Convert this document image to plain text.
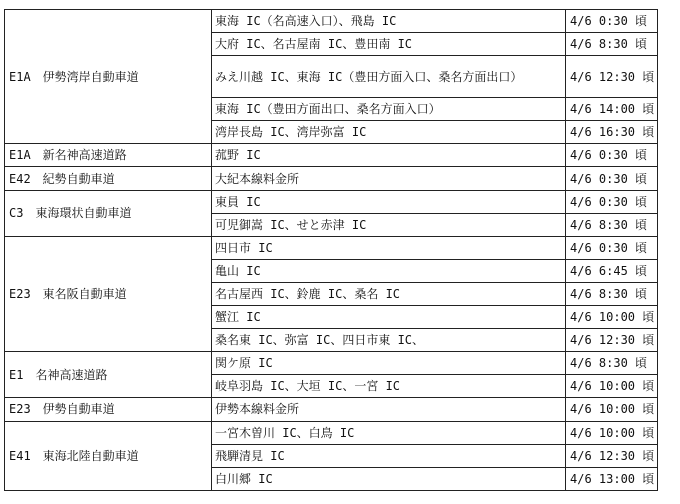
E1A　伊勢湾岸自動車道	東海 IC（名高速入口）、飛島 IC	4/6 0:30 頃
	大府 IC、名古屋南 IC、豊田南 IC	4/6 8:30 頃
	みえ川越 IC、東海 IC（豊田方面入口、桑名方面出口）	4/6 12:30 頃
	東海 IC（豊田方面出口、桑名方面入口）	4/6 14:00 頃
	湾岸長島 IC、湾岸弥富 IC	4/6 16:30 頃
E1A　新名神高速道路	菰野 IC	4/6 0:30 頃
E42　紀勢自動車道	大紀本線料金所	4/6 0:30 頃
C3　東海環状自動車道	東員 IC	4/6 0:30 頃
	可児御嵩 IC、せと赤津 IC	4/6 8:30 頃
E23　東名阪自動車道	四日市 IC	4/6 0:30 頃
	亀山 IC	4/6 6:45 頃
	名古屋西 IC、鈴鹿 IC、桑名 IC	4/6 8:30 頃
	蟹江 IC	4/6 10:00 頃
	桑名東 IC、弥富 IC、四日市東 IC、	4/6 12:30 頃
E1　名神高速道路	関ケ原 IC	4/6 8:30 頃
	岐阜羽島 IC、大垣 IC、一宮 IC	4/6 10:00 頃
E23　伊勢自動車道	伊勢本線料金所	4/6 10:00 頃
E41　東海北陸自動車道	一宮木曽川 IC、白鳥 IC	4/6 10:00 頃
	飛騨清見 IC	4/6 12:30 頃
	白川郷 IC	4/6 13:00 頃
